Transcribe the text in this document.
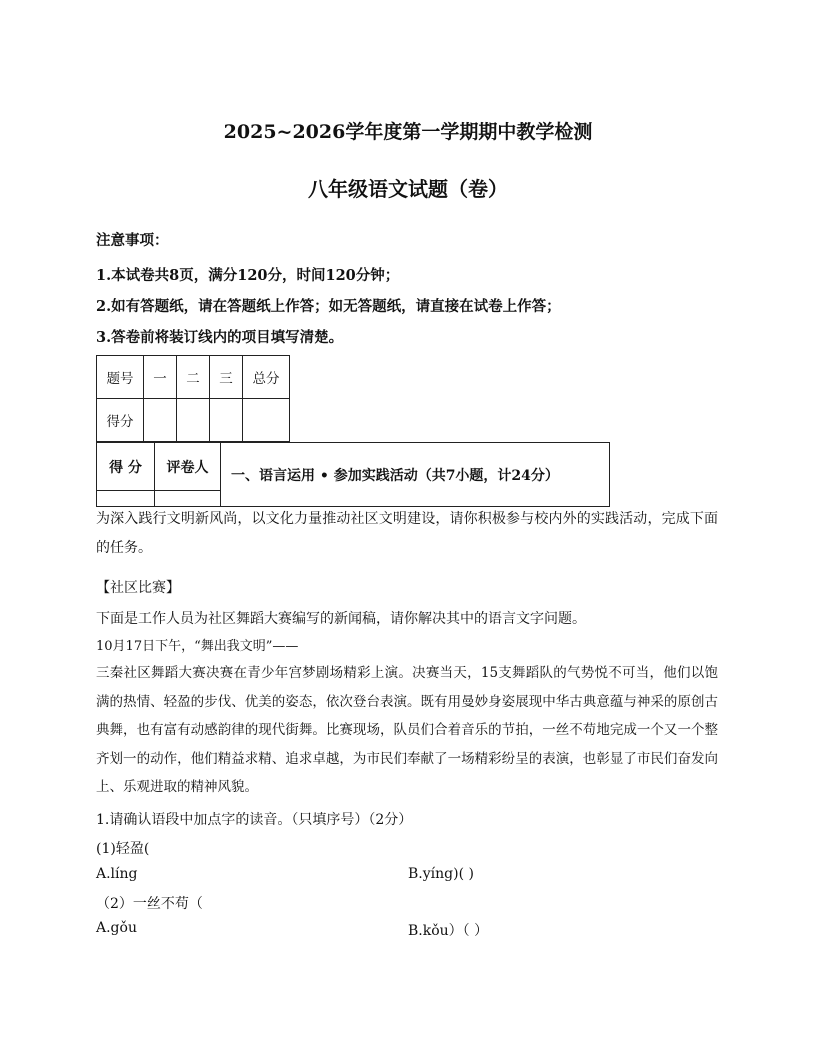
2025~2026学年度第一学期期中教学检测
八年级语文试题（卷）
注意事项：
1.本试卷共8页，满分120分，时间120分钟；
2.如有答题纸，请在答题纸上作答；如无答题纸，请直接在试卷上作答；
3.答卷前将装订线内的项目填写清楚。
题号	一	二	三	总分
得分				
得 分	评卷人	一、语言运用 • 参加实践活动（共7小题，计24分）

为深入践行文明新风尚，以文化力量推动社区文明建设，请你积极参与校内外的实践活动，完成下面的任务。
【社区比赛】
下面是工作人员为社区舞蹈大赛编写的新闻稿，请你解决其中的语言文字问题。
10月17日下午，“舞出我文明”——
三秦社区舞蹈大赛决赛在青少年宫梦剧场精彩上演。决赛当天，15支舞蹈队的气势悦不可当，他们以饱满的热情、轻盈的步伐、优美的姿态，依次登台表演。既有用曼妙身姿展现中华古典意蕴与神采的原创古典舞，也有富有动感韵律的现代街舞。比赛现场，队员们合着音乐的节拍，一丝不苟地完成一个又一个整齐划一的动作，他们精益求精、追求卓越，为市民们奉献了一场精彩纷呈的表演，也彰显了市民们奋发向上、乐观进取的精神风貌。
1.请确认语段中加点字的读音。（只填序号）（2分）
(1)轻盈(
A.líng	B.yíng)( )
（2）一丝不苟（
A.gǒu	B.kǒu）（ ）
